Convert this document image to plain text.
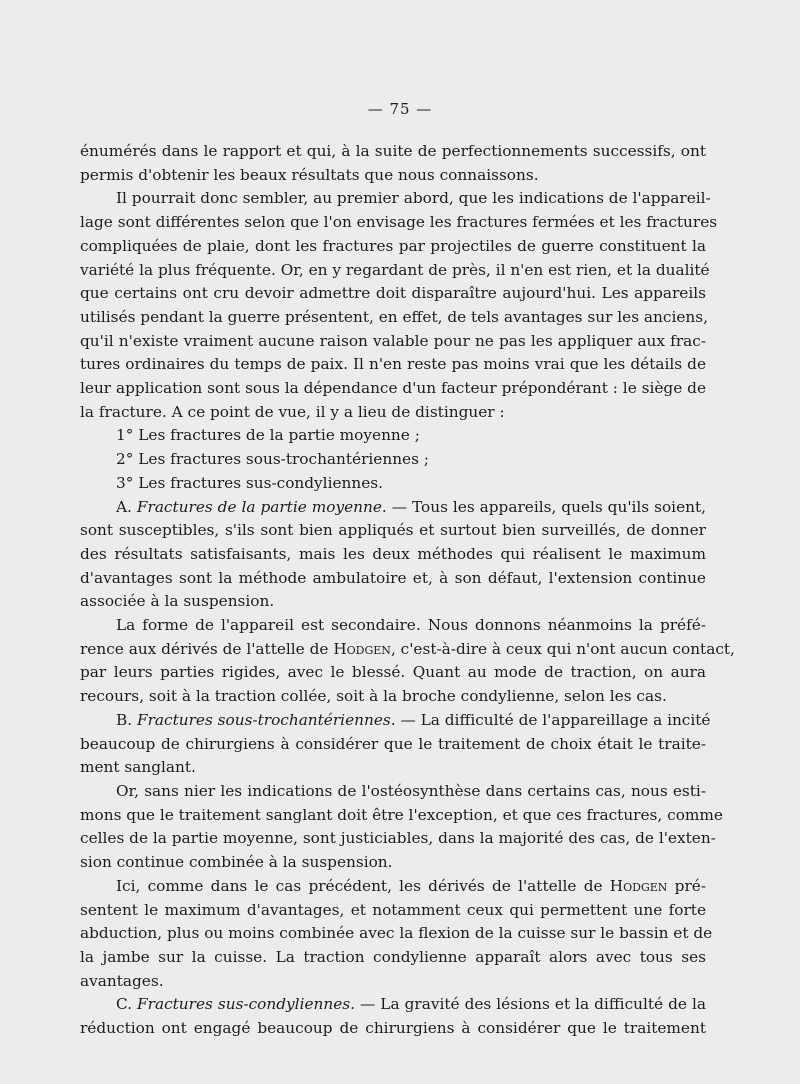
— 75 —
énumérés dans le rapport et qui, à la suite de perfectionnements successifs, ont
permis d'obtenir les beaux résultats que nous connaissons.
Il pourrait donc sembler, au premier abord, que les indications de l'appareil-
lage sont différentes selon que l'on envisage les fractures fermées et les fractures
compliquées de plaie, dont les fractures par projectiles de guerre constituent la
variété la plus fréquente. Or, en y regardant de près, il n'en est rien, et la dualité
que certains ont cru devoir admettre doit disparaître aujourd'hui. Les appareils
utilisés pendant la guerre présentent, en effet, de tels avantages sur les anciens,
qu'il n'existe vraiment aucune raison valable pour ne pas les appliquer aux frac-
tures ordinaires du temps de paix. Il n'en reste pas moins vrai que les détails de
leur application sont sous la dépendance d'un facteur prépondérant : le siège de
la fracture. A ce point de vue, il y a lieu de distinguer :
1° Les fractures de la partie moyenne ;
2° Les fractures sous-trochantériennes ;
3° Les fractures sus-condyliennes.
A. Fractures de la partie moyenne. — Tous les appareils, quels qu'ils soient,
sont susceptibles, s'ils sont bien appliqués et surtout bien surveillés, de donner
des résultats satisfaisants, mais les deux méthodes qui réalisent le maximum
d'avantages sont la méthode ambulatoire et, à son défaut, l'extension continue
associée à la suspension.
La forme de l'appareil est secondaire. Nous donnons néanmoins la préfé-
rence aux dérivés de l'attelle de Hodgen, c'est-à-dire à ceux qui n'ont aucun contact,
par leurs parties rigides, avec le blessé. Quant au mode de traction, on aura
recours, soit à la traction collée, soit à la broche condylienne, selon les cas.
B. Fractures sous-trochantériennes. — La difficulté de l'appareillage a incité
beaucoup de chirurgiens à considérer que le traitement de choix était le traite-
ment sanglant.
Or, sans nier les indications de l'ostéosynthèse dans certains cas, nous esti-
mons que le traitement sanglant doit être l'exception, et que ces fractures, comme
celles de la partie moyenne, sont justiciables, dans la majorité des cas, de l'exten-
sion continue combinée à la suspension.
Ici, comme dans le cas précédent, les dérivés de l'attelle de Hodgen pré-
sentent le maximum d'avantages, et notamment ceux qui permettent une forte
abduction, plus ou moins combinée avec la flexion de la cuisse sur le bassin et de
la jambe sur la cuisse. La traction condylienne apparaît alors avec tous ses
avantages.
C. Fractures sus-condyliennes. — La gravité des lésions et la difficulté de la
réduction ont engagé beaucoup de chirurgiens à considérer que le traitement
